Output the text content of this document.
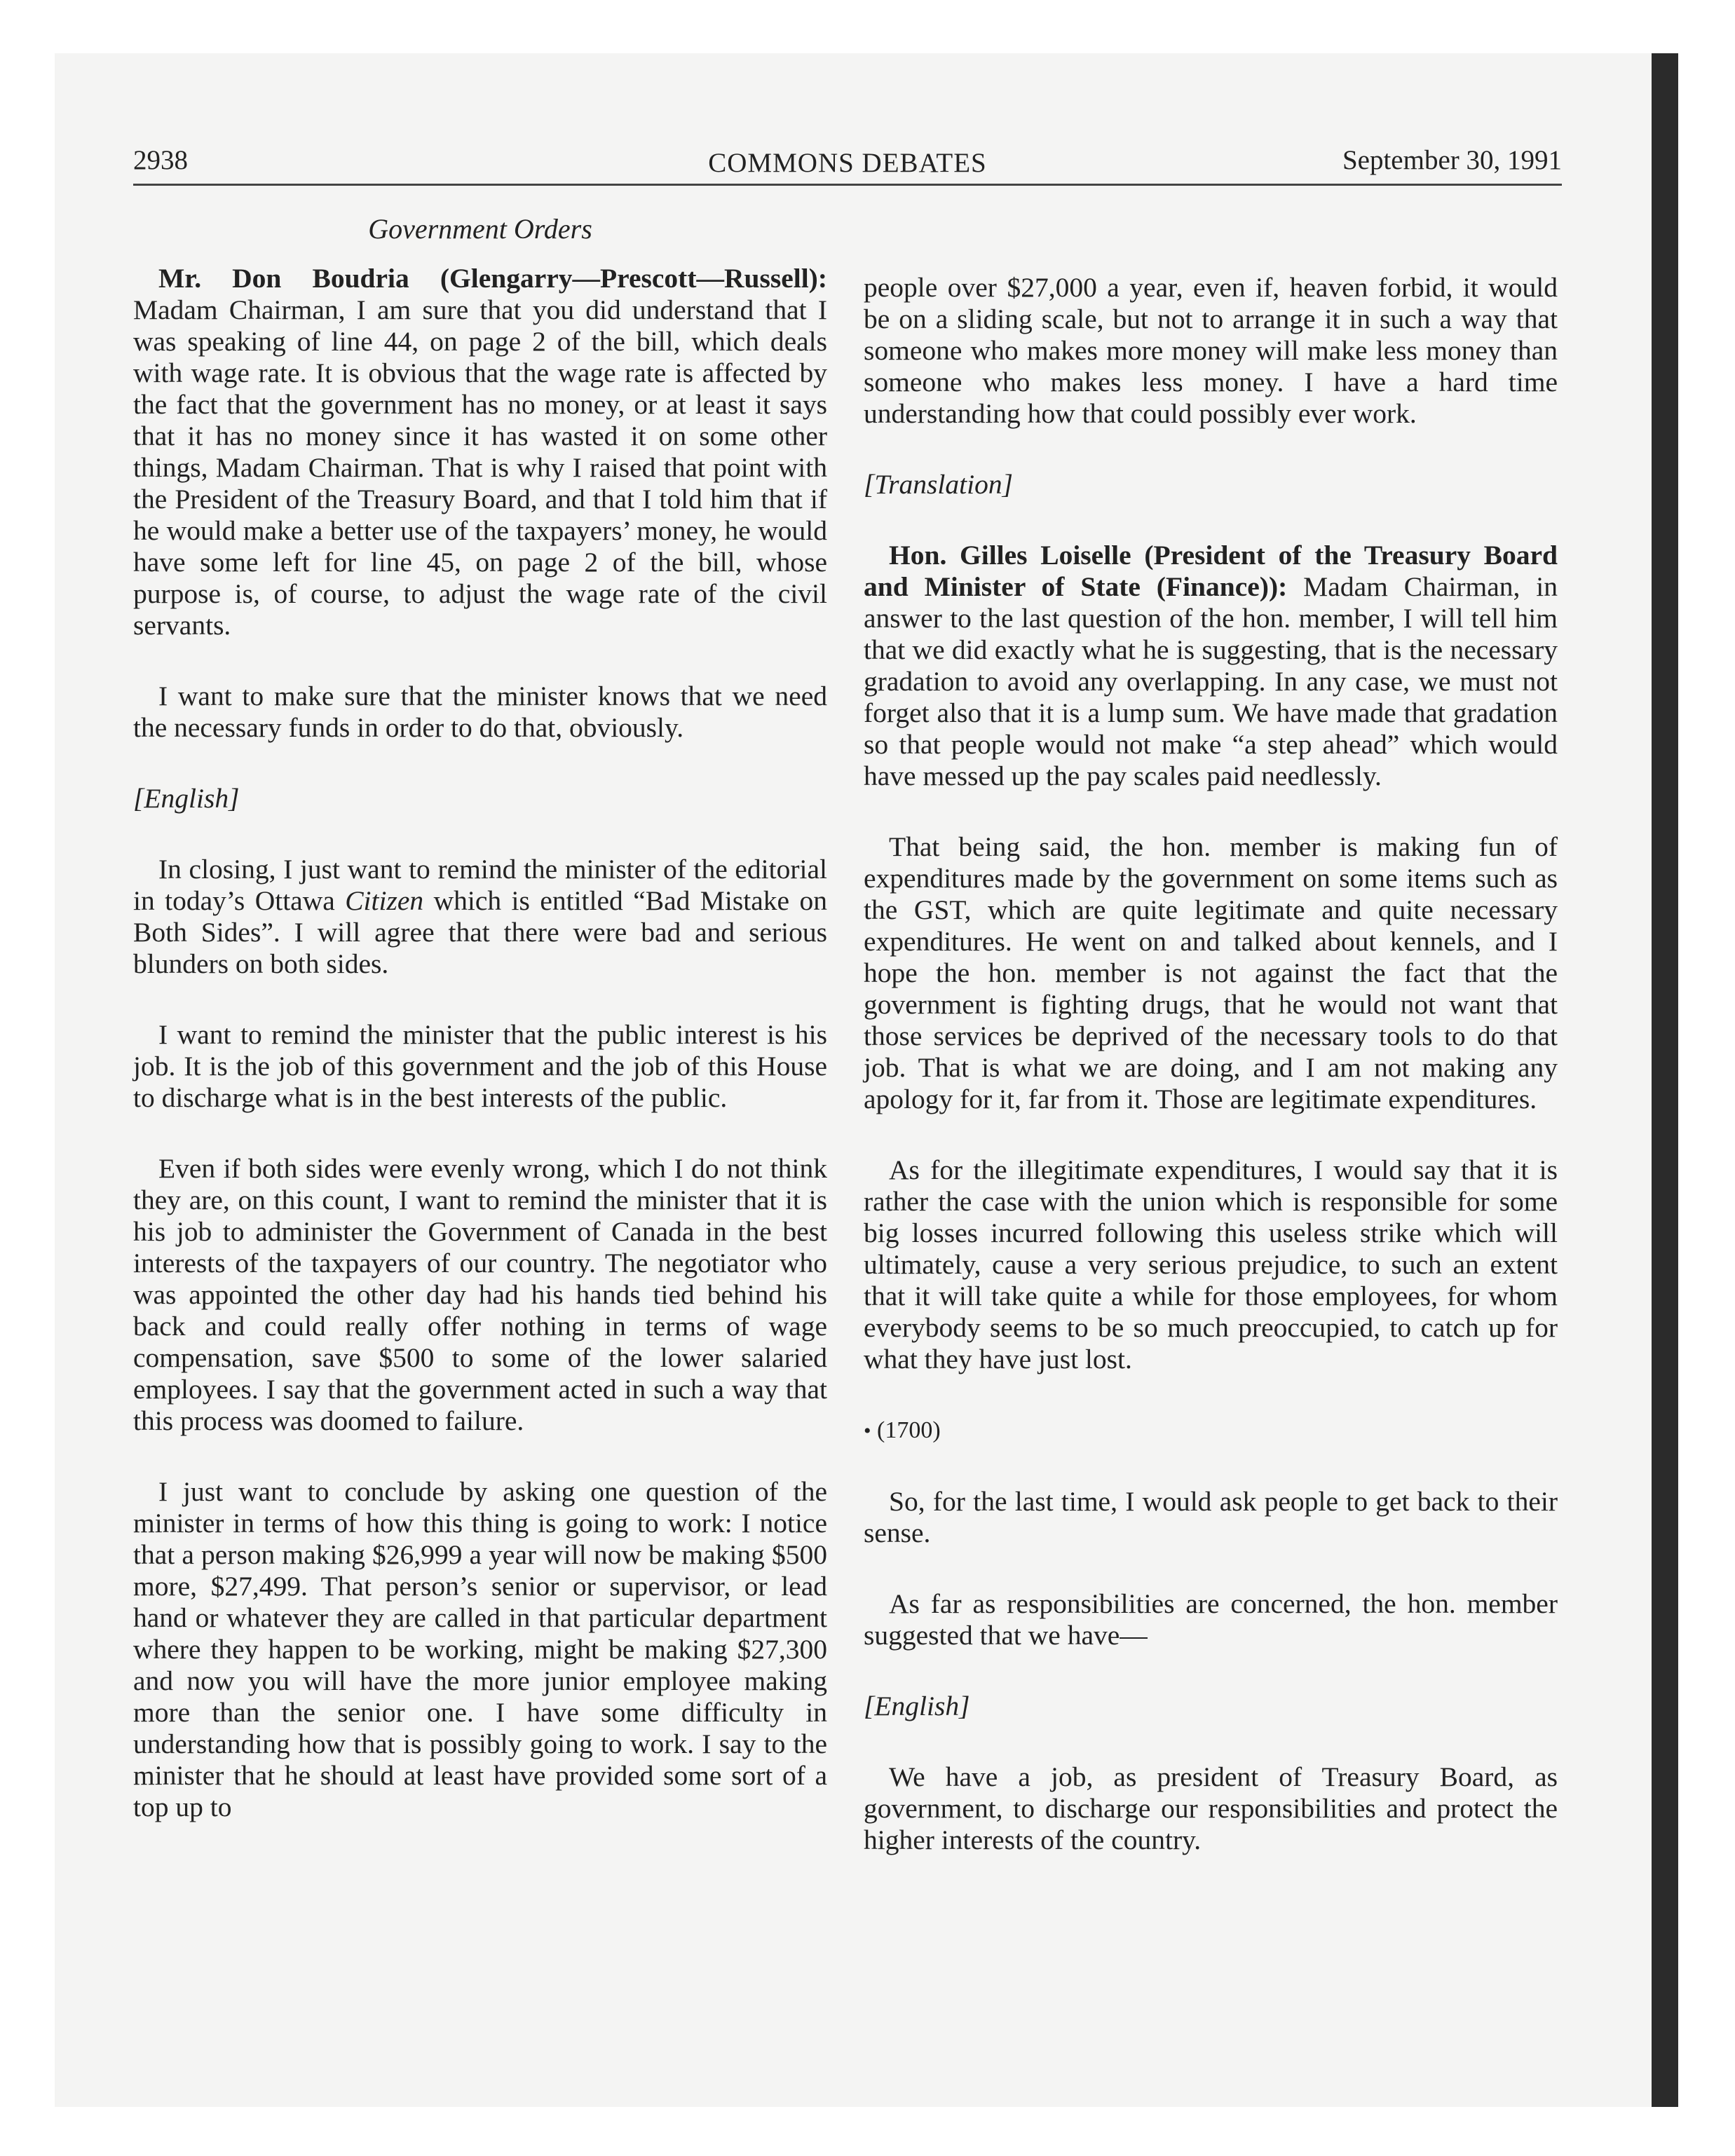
2938	COMMONS DEBATES	September 30, 1991
Government Orders

Mr. Don Boudria (Glengarry—Prescott—Russell): Madam Chairman, I am sure that you did understand that I was speaking of line 44, on page 2 of the bill, which deals with wage rate. It is obvious that the wage rate is affected by the fact that the government has no money, or at least it says that it has no money since it has wasted it on some other things, Madam Chairman. That is why I raised that point with the President of the Treasury Board, and that I told him that if he would make a better use of the taxpayers’ money, he would have some left for line 45, on page 2 of the bill, whose purpose is, of course, to adjust the wage rate of the civil servants.

I want to make sure that the minister knows that we need the necessary funds in order to do that, obviously.

[English]

In closing, I just want to remind the minister of the editorial in today’s Ottawa Citizen which is entitled “Bad Mistake on Both Sides”. I will agree that there were bad and serious blunders on both sides.

I want to remind the minister that the public interest is his job. It is the job of this government and the job of this House to discharge what is in the best interests of the public.

Even if both sides were evenly wrong, which I do not think they are, on this count, I want to remind the minister that it is his job to administer the Government of Canada in the best interests of the taxpayers of our country. The negotiator who was appointed the other day had his hands tied behind his back and could really offer nothing in terms of wage compensation, save $500 to some of the lower salaried employees. I say that the government acted in such a way that this process was doomed to failure.

I just want to conclude by asking one question of the minister in terms of how this thing is going to work: I notice that a person making $26,999 a year will now be making $500 more, $27,499. That person’s senior or supervisor, or lead hand or whatever they are called in that particular department where they happen to be working, might be making $27,300 and now you will have the more junior employee making more than the senior one. I have some difficulty in understanding how that is possibly going to work. I say to the minister that he should at least have provided some sort of a top up to

people over $27,000 a year, even if, heaven forbid, it would be on a sliding scale, but not to arrange it in such a way that someone who makes more money will make less money than someone who makes less money. I have a hard time understanding how that could possibly ever work.

[Translation]

Hon. Gilles Loiselle (President of the Treasury Board and Minister of State (Finance)): Madam Chairman, in answer to the last question of the hon. member, I will tell him that we did exactly what he is suggesting, that is the necessary gradation to avoid any overlapping. In any case, we must not forget also that it is a lump sum. We have made that gradation so that people would not make “a step ahead” which would have messed up the pay scales paid needlessly.

That being said, the hon. member is making fun of expenditures made by the government on some items such as the GST, which are quite legitimate and quite necessary expenditures. He went on and talked about kennels, and I hope the hon. member is not against the fact that the government is fighting drugs, that he would not want that those services be deprived of the necessary tools to do that job. That is what we are doing, and I am not making any apology for it, far from it. Those are legitimate expenditures.

As for the illegitimate expenditures, I would say that it is rather the case with the union which is responsible for some big losses incurred following this useless strike which will ultimately, cause a very serious prejudice, to such an extent that it will take quite a while for those employees, for whom everybody seems to be so much preoccupied, to catch up for what they have just lost.

• (1700)

So, for the last time, I would ask people to get back to their sense.

As far as responsibilities are concerned, the hon. member suggested that we have—

[English]

We have a job, as president of Treasury Board, as government, to discharge our responsibilities and protect the higher interests of the country.
